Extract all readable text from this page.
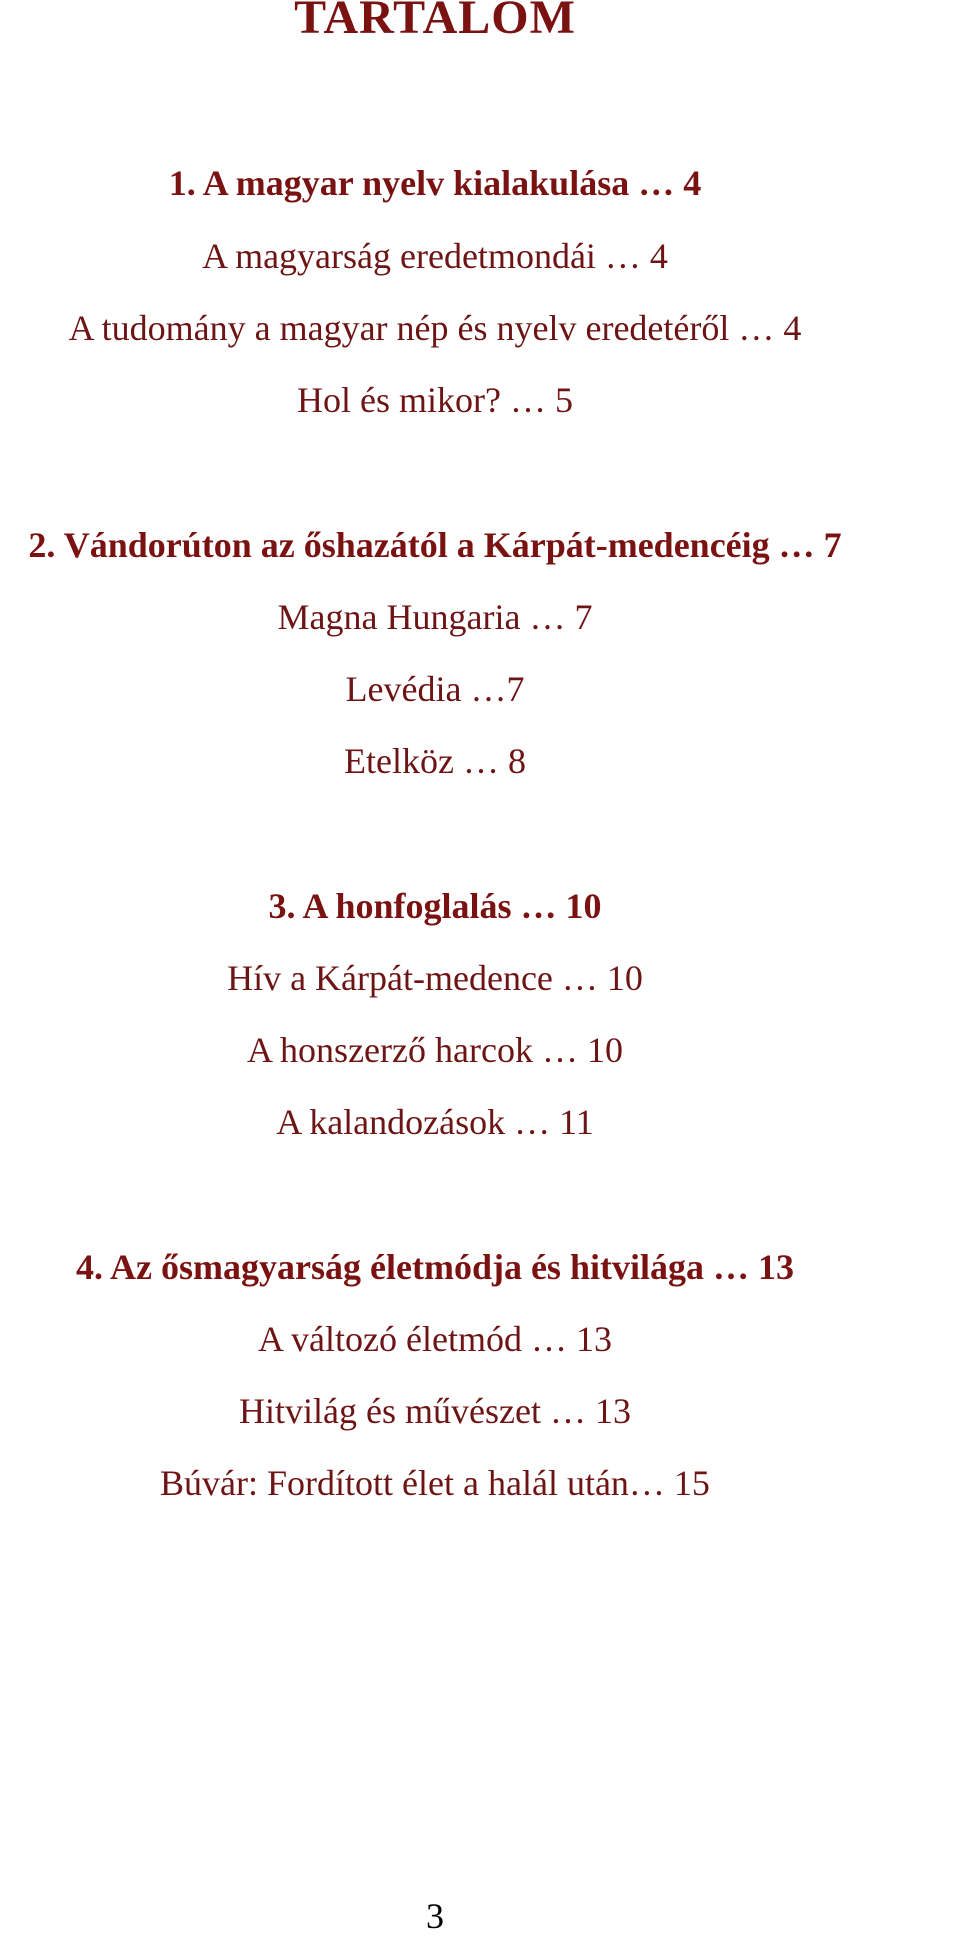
TARTALOM
1. A magyar nyelv kialakulása … 4
A magyarság eredetmondái … 4
A tudomány a magyar nép és nyelv eredetéről … 4
Hol és mikor? … 5
2. Vándorúton az őshazától a Kárpát-medencéig … 7
Magna Hungaria … 7
Levédia …7
Etelköz … 8
3. A honfoglalás … 10
Hív a Kárpát-medence … 10
A honszerző harcok … 10
A kalandozások … 11
4. Az ősmagyarság életmódja és hitvilága … 13
A változó életmód … 13
Hitvilág és művészet … 13
Búvár: Fordított élet a halál után… 15
3
